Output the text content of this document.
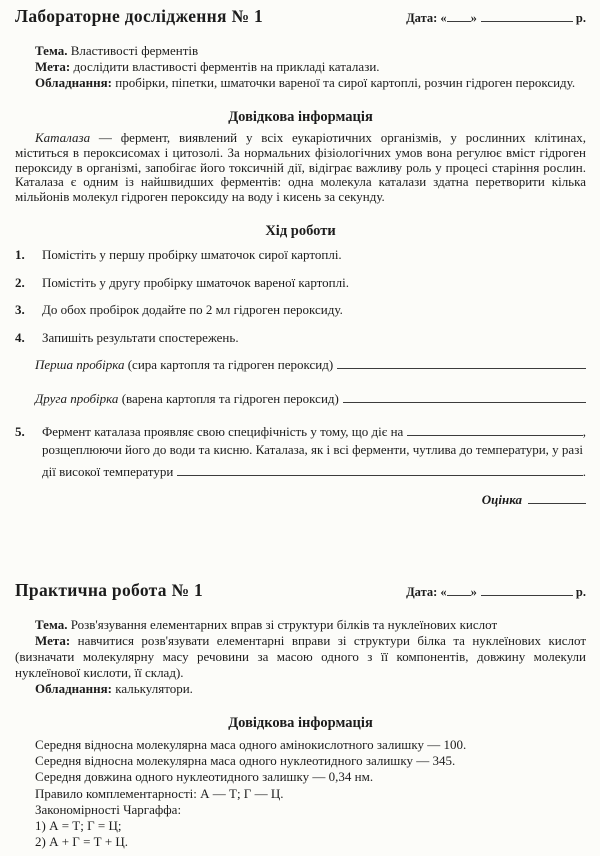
Лабораторне дослідження № 1	Дата: « »	р.

Тема. Властивості ферментів

Мета: дослідити властивості ферментів на прикладі каталази.

Обладнання: пробірки, піпетки, шматочки вареної та сирої картоплі, розчин гідроген пероксиду.

Довідкова інформація

Каталаза — фермент, виявлений у всіх еукаріотичних організмів, у рослинних клітинах, міститься в пероксисомах і цитозолі. За нормальних фізіологічних умов вона регулює вміст гідроген пероксиду в організмі, запобігає його токсичній дії, відіграє важливу роль у процесі старіння рослин. Каталаза є одним із найшвидших ферментів: одна молекула каталази здатна перетворити кілька мільйонів молекул гідроген пероксиду на воду і кисень за секунду.

Хід роботи
1.	Помістіть у першу пробірку шматочок сирої картоплі.
2.	Помістіть у другу пробірку шматочок вареної картоплі.
3.	До обох пробірок додайте по 2 мл гідроген пероксиду.
4.	Запишіть результати спостережень.
Перша пробірка (сира картопля та гідроген пероксид)
Друга пробірка (варена картопля та гідроген пероксид)
5.	Фермент каталаза проявляє свою специфічність у тому, що діє на	,
розщеплюючи його до води та кисню. Каталаза, як і всі ферменти, чутлива до температури, у разі
дії високої температури	.
Оцінка
Практична робота № 1	Дата: « »	р.

Тема. Розв'язування елементарних вправ зі структури білків та нуклеїнових кислот

Мета: навчитися розв'язувати елементарні вправи зі структури білка та нуклеїнових кислот (визначати молекулярну масу речовини за масою одного з її компонентів, довжину молекули нуклеїнової кислоти, її склад).

Обладнання: калькулятори.

Довідкова інформація
Середня відносна молекулярна маса одного амінокислотного залишку — 100.
Середня відносна молекулярна маса одного нуклеотидного залишку — 345.
Середня довжина одного нуклеотидного залишку — 0,34 нм.
Правило комплементарності: А — Т; Г — Ц.
Закономірності Чаргаффа:
1) А = Т; Г = Ц;
2) А + Г = Т + Ц.
